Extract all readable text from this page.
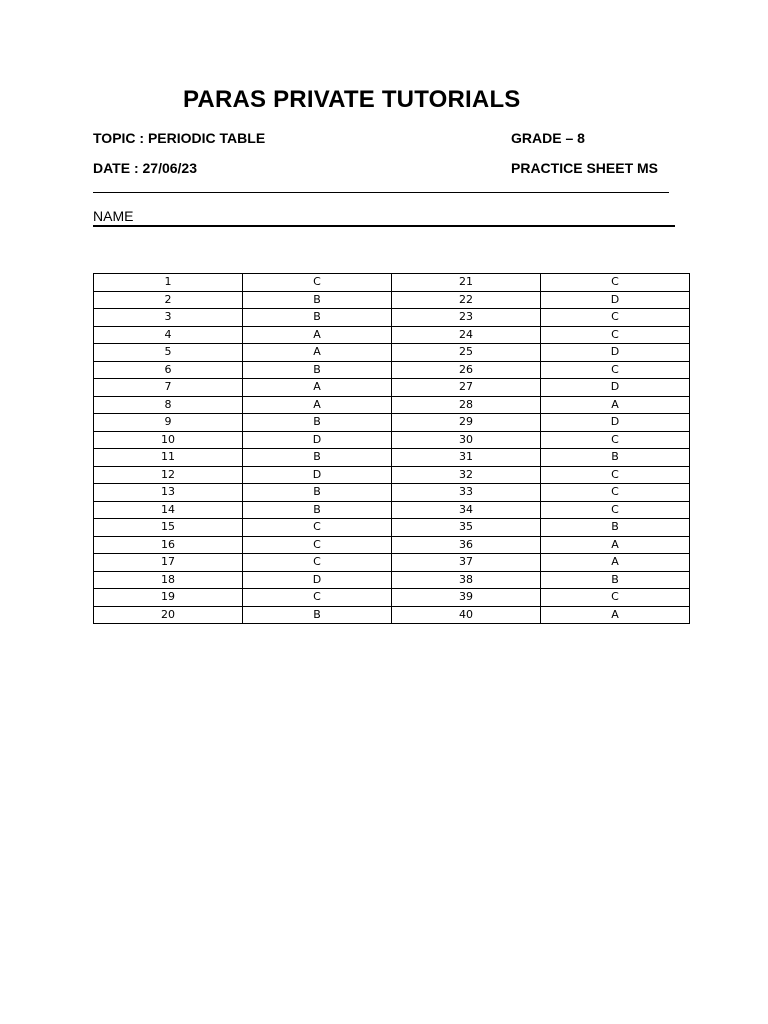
PARAS PRIVATE TUTORIALS
TOPIC : PERIODIC TABLE	GRADE – 8
DATE : 27/06/23	PRACTICE SHEET MS
NAME
1	C	21	C
2	B	22	D
3	B	23	C
4	A	24	C
5	A	25	D
6	B	26	C
7	A	27	D
8	A	28	A
9	B	29	D
10	D	30	C
11	B	31	B
12	D	32	C
13	B	33	C
14	B	34	C
15	C	35	B
16	C	36	A
17	C	37	A
18	D	38	B
19	C	39	C
20	B	40	A
